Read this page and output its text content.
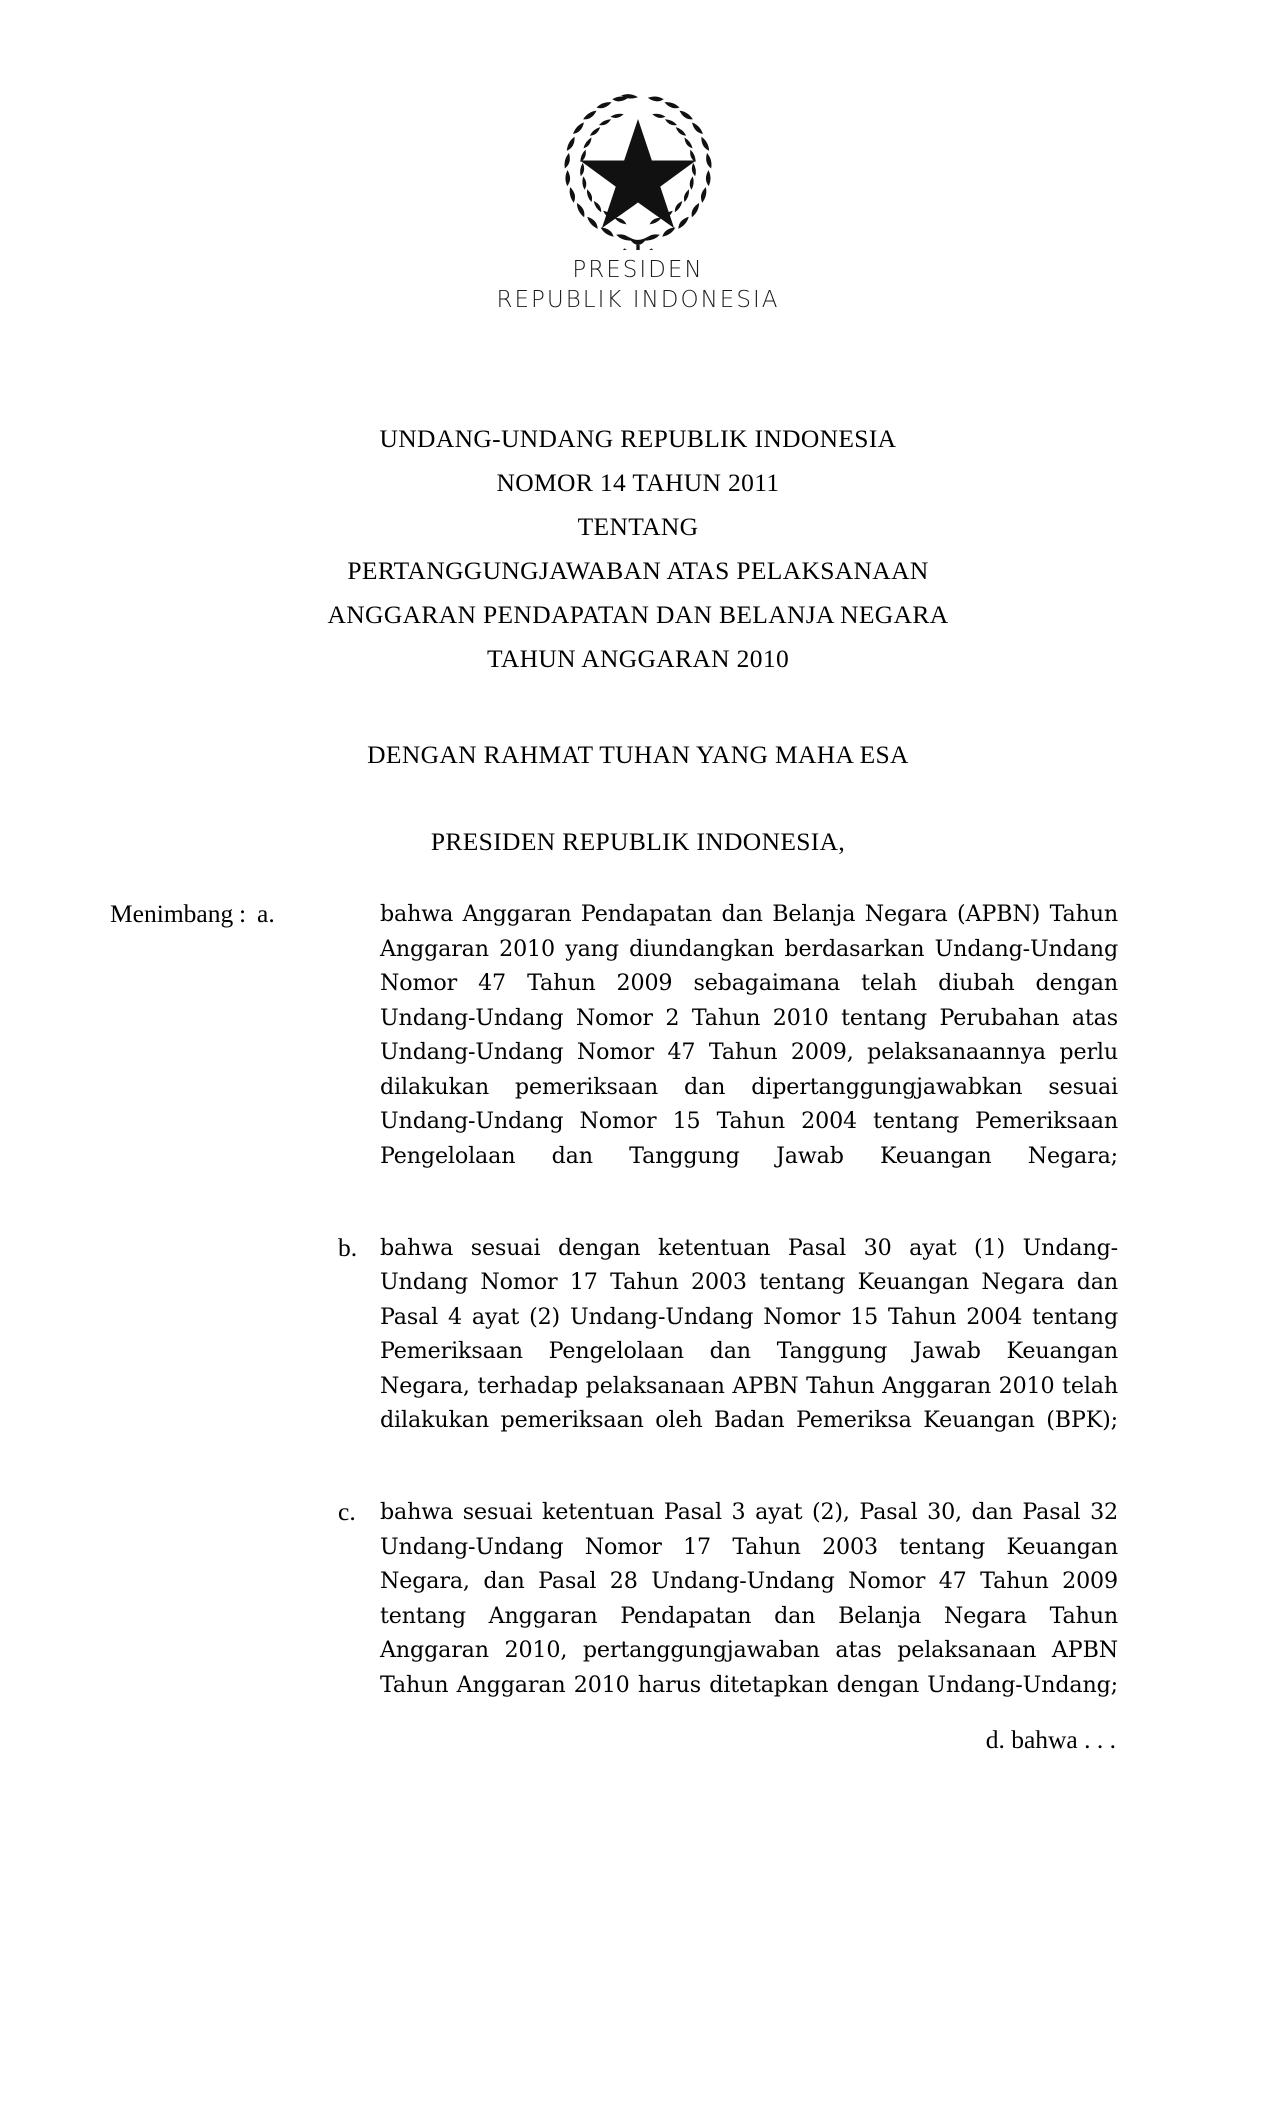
PRESIDEN
REPUBLIK INDONESIA
UNDANG-UNDANG REPUBLIK INDONESIA
NOMOR 14 TAHUN 2011
TENTANG
PERTANGGUNGJAWABAN ATAS PELAKSANAAN
ANGGARAN PENDAPATAN DAN BELANJA NEGARA
TAHUN ANGGARAN 2010
DENGAN RAHMAT TUHAN YANG MAHA ESA
PRESIDEN REPUBLIK INDONESIA,
Menimbang : a.	bahwa Anggaran Pendapatan dan Belanja Negara (APBN) Tahun Anggaran 2010 yang diundangkan berdasarkan Undang-Undang Nomor 47 Tahun 2009 sebagaimana telah diubah dengan Undang-Undang Nomor 2 Tahun 2010 tentang Perubahan atas Undang-Undang Nomor 47 Tahun 2009, pelaksanaannya perlu dilakukan pemeriksaan dan dipertanggungjawabkan sesuai Undang-Undang Nomor 15 Tahun 2004 tentang Pemeriksaan Pengelolaan dan Tanggung Jawab Keuangan Negara;
b. bahwa sesuai dengan ketentuan Pasal 30 ayat (1) Undang-Undang Nomor 17 Tahun 2003 tentang Keuangan Negara dan Pasal 4 ayat (2) Undang-Undang Nomor 15 Tahun 2004 tentang Pemeriksaan Pengelolaan dan Tanggung Jawab Keuangan Negara, terhadap pelaksanaan APBN Tahun Anggaran 2010 telah dilakukan pemeriksaan oleh Badan Pemeriksa Keuangan (BPK);
c. bahwa sesuai ketentuan Pasal 3 ayat (2), Pasal 30, dan Pasal 32 Undang-Undang Nomor 17 Tahun 2003 tentang Keuangan Negara, dan Pasal 28 Undang-Undang Nomor 47 Tahun 2009 tentang Anggaran Pendapatan dan Belanja Negara Tahun Anggaran 2010, pertanggungjawaban atas pelaksanaan APBN Tahun Anggaran 2010 harus ditetapkan dengan Undang-Undang;
d. bahwa . . .
